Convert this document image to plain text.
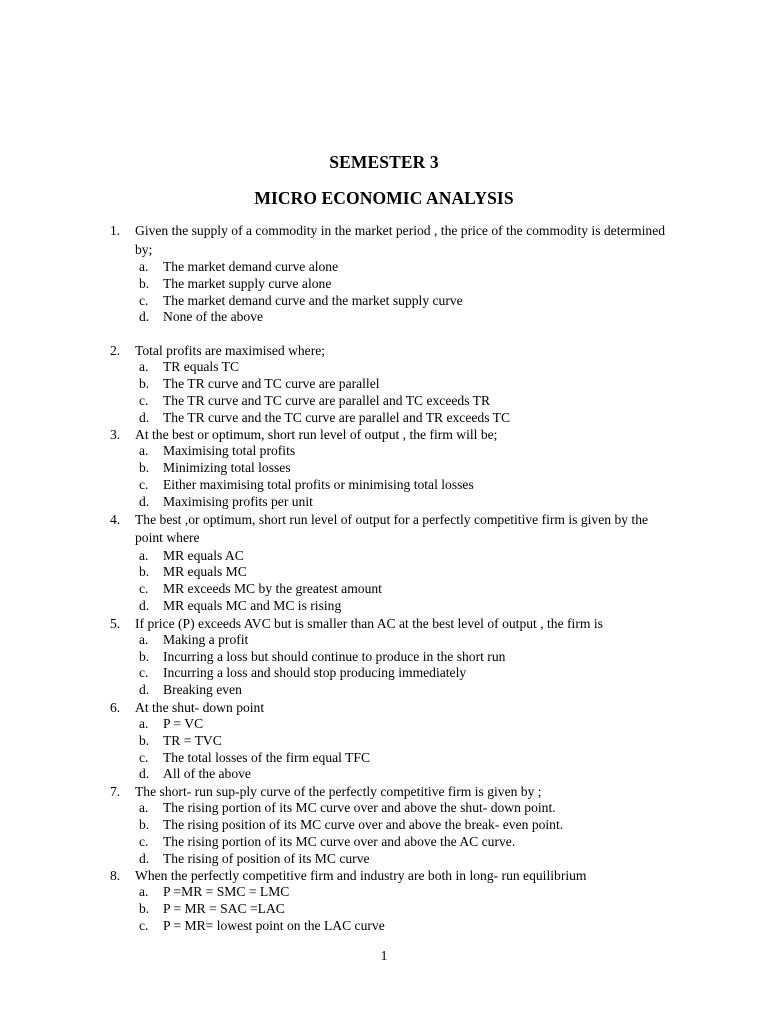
SEMESTER 3
MICRO ECONOMIC ANALYSIS
1. Given the supply of a commodity in the market period , the price of the commodity is determined by;
a. The market demand curve alone
b. The market supply curve alone
c. The market demand curve and the market supply curve
d. None of the above
2. Total profits are maximised where;
a. TR equals TC
b. The TR curve and TC curve are parallel
c. The TR curve and TC curve are parallel and TC exceeds TR
d. The TR curve and the TC curve are parallel and TR exceeds TC
3. At the best or optimum, short run level of output , the firm will be;
a. Maximising total profits
b. Minimizing total losses
c. Either maximising total profits or minimising total losses
d. Maximising profits per unit
4. The best ,or optimum, short run level of output for a perfectly competitive firm is given by the point where
a. MR equals AC
b. MR equals MC
c. MR exceeds MC by the greatest amount
d. MR equals MC and MC is rising
5. If price (P) exceeds AVC but is smaller than AC at the best level of output , the firm is
a. Making a profit
b. Incurring a loss but should continue to produce in the short run
c. Incurring a loss and should stop producing immediately
d. Breaking even
6. At the shut- down point
a. P = VC
b. TR = TVC
c. The total losses of the firm equal TFC
d. All of the above
7. The short- run sup-ply curve of the perfectly competitive firm is given by ;
a. The rising portion of its MC curve over and above the shut- down point.
b. The rising position of its MC curve over and above the break- even point.
c. The rising portion of its MC curve over and above the AC curve.
d. The rising of position of its MC curve
8. When the perfectly competitive firm and industry are both in long- run equilibrium
a. P =MR = SMC = LMC
b. P = MR = SAC =LAC
c. P = MR= lowest point on the LAC curve
1
